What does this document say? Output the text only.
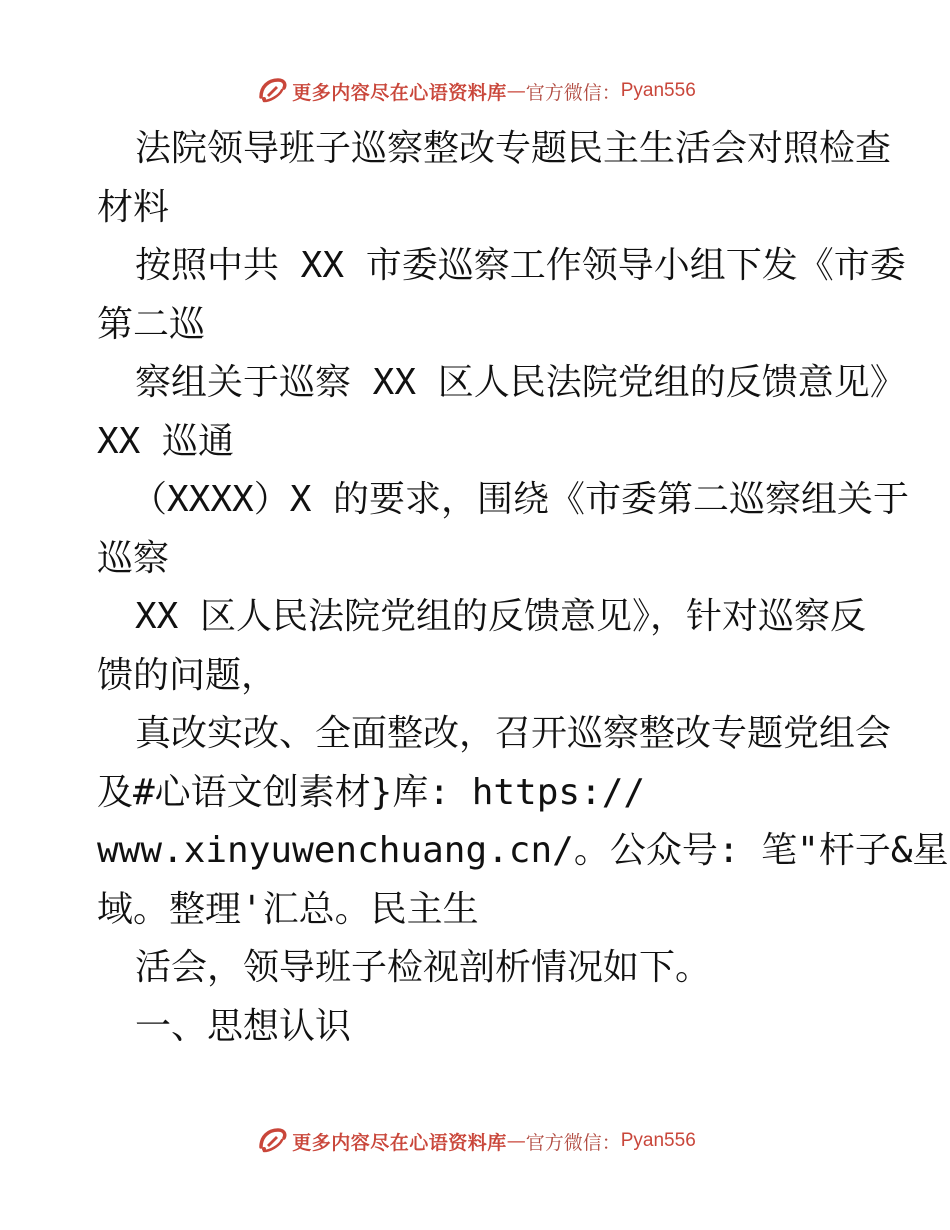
更多内容尽在心语资料库 — 官方微信： Pyan556
法院领导班子巡察整改专题民主生活会对照检查
材料
按照中共 XX 市委巡察工作领导小组下发《市委
第二巡
察组关于巡察 XX 区人民法院党组的反馈意见》
XX 巡通
（XXXX）X 的要求，围绕《市委第二巡察组关于
巡察
XX 区人民法院党组的反馈意见》，针对巡察反
馈的问题，
真改实改、全面整改，召开巡察整改专题党组会
及#心语文创素材}库: https://
www.xinyuwenchuang.cn/。公众号: 笔"杆子&星
域。整理'汇总。民主生
活会，领导班子检视剖析情况如下。
一、思想认识
更多内容尽在心语资料库 — 官方微信： Pyan556
